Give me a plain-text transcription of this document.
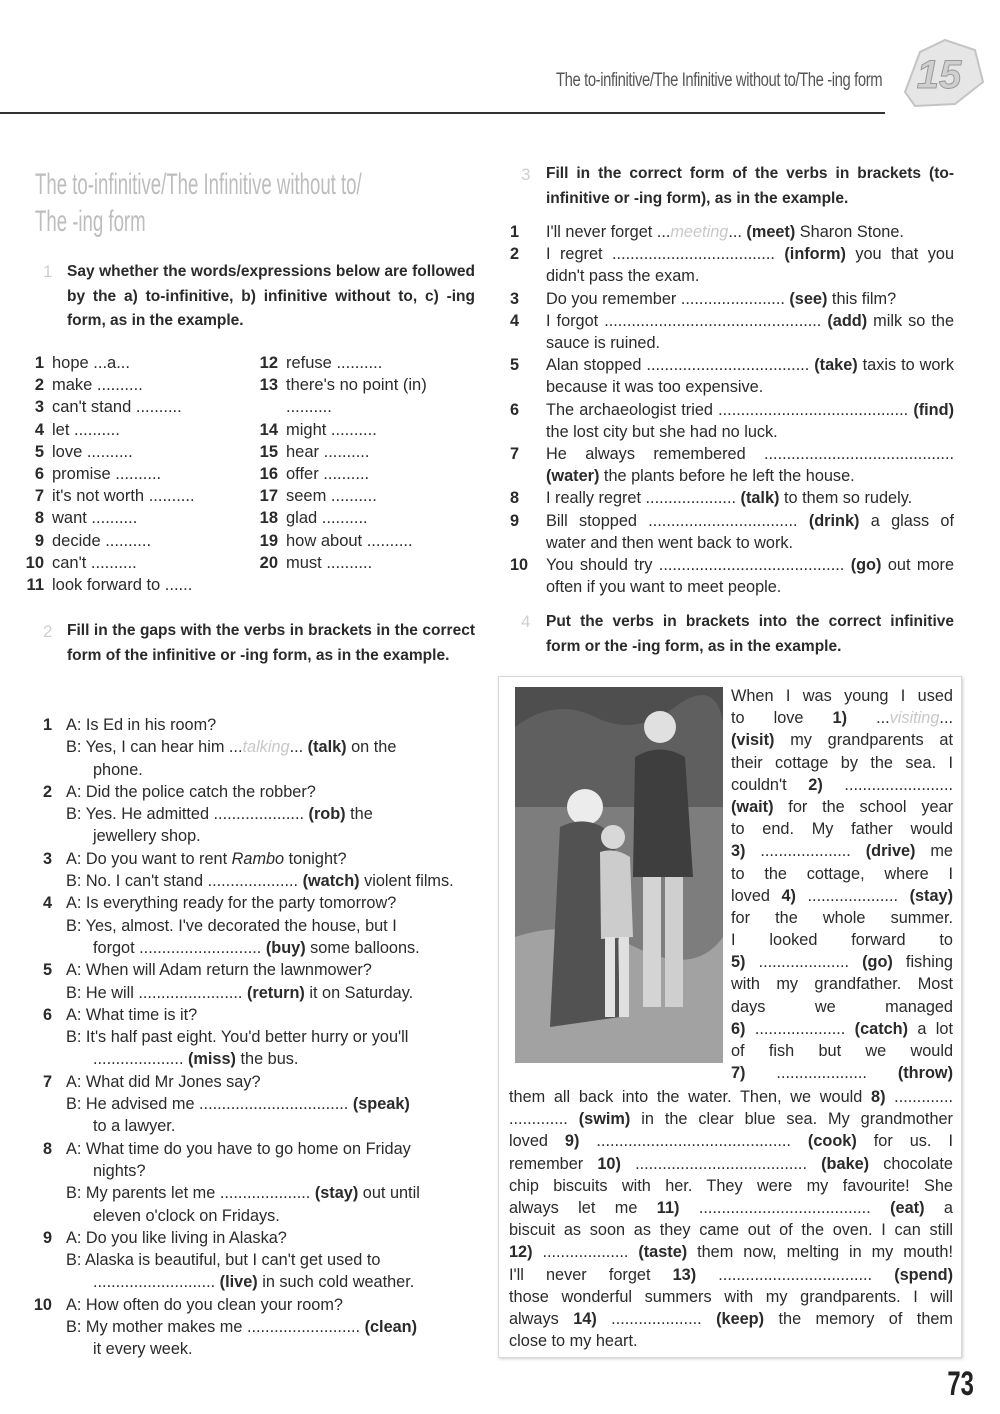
The to-infinitive/The Infinitive without to/The -ing form 15
73
The to-infinitive/The Infinitive without to/
The -ing form
1 Say whether the words/expressions below are followed by the a) to-infinitive, b) infinitive without to, c) -ing form, as in the example.
1 hope ...a...
2 make ..........
3 can't stand ..........
4 let ..........
5 love ..........
6 promise ..........
7 it's not worth ..........
8 want ..........
9 decide ..........
10 can't ..........
11 look forward to ......
12 refuse ..........
13 there's no point (in)
..........
14 might ..........
15 hear ..........
16 offer ..........
17 seem ..........
18 glad ..........
19 how about ..........
20 must ..........
2 Fill in the gaps with the verbs in brackets in the correct form of the infinitive or -ing form, as in the example.
1 A: Is Ed in his room?
B: Yes, I can hear him ...talking... (talk) on the
phone.
2 A: Did the police catch the robber?
B: Yes. He admitted .................... (rob) the
jewellery shop.
3 A: Do you want to rent Rambo tonight?
B: No. I can't stand .................... (watch) violent films.
4 A: Is everything ready for the party tomorrow?
B: Yes, almost. I've decorated the house, but I
forgot ........................... (buy) some balloons.
5 A: When will Adam return the lawnmower?
B: He will ....................... (return) it on Saturday.
6 A: What time is it?
B: It's half past eight. You'd better hurry or you'll
.................... (miss) the bus.
7 A: What did Mr Jones say?
B: He advised me ................................. (speak)
to a lawyer.
8 A: What time do you have to go home on Friday
nights?
B: My parents let me .................... (stay) out until
eleven o'clock on Fridays.
9 A: Do you like living in Alaska?
B: Alaska is beautiful, but I can't get used to
........................... (live) in such cold weather.
10 A: How often do you clean your room?
B: My mother makes me ......................... (clean)
it every week.
3 Fill in the correct form of the verbs in brackets (to-infinitive or -ing form), as in the example.
1	I'll never forget ...meeting... (meet) Sharon Stone.
2	I regret .................................... (inform) you that you didn't pass the exam.
3	Do you remember ....................... (see) this film?
4	I forgot ................................................ (add) milk so the sauce is ruined.
5	Alan stopped .................................... (take) taxis to work because it was too expensive.
6	The archaeologist tried .......................................... (find) the lost city but she had no luck.
7	He always remembered .......................................... (water) the plants before he left the house.
8	I really regret .................... (talk) to them so rudely.
9	Bill stopped ................................. (drink) a glass of water and then went back to work.
10 You should try ......................................... (go) out more often if you want to meet people.
4 Put the verbs in brackets into the correct infinitive form or the -ing form, as in the example.
When I was young I used
to love 1) ...visiting...
(visit) my grandparents at
their cottage by the sea. I
couldn't 2) ........................
(wait) for the school year
to end. My father would
3) .................... (drive) me
to the cottage, where I
loved 4) .................... (stay)
for the whole summer.
I looked forward to
5) .................... (go) fishing
with my grandfather. Most
days we managed
6) .................... (catch) a lot
of fish but we would
7) .................... (throw)
them all back into the water. Then, we would 8) .............
............. (swim) in the clear blue sea. My grandmother
loved 9) ........................................... (cook) for us. I
remember 10) ...................................... (bake) chocolate
chip biscuits with her. They were my favourite! She
always let me 11) ...................................... (eat) a
biscuit as soon as they came out of the oven. I can still
12) ................... (taste) them now, melting in my mouth!
I'll never forget 13) .................................. (spend)
those wonderful summers with my grandparents. I will
always 14) .................... (keep) the memory of them
close to my heart.
